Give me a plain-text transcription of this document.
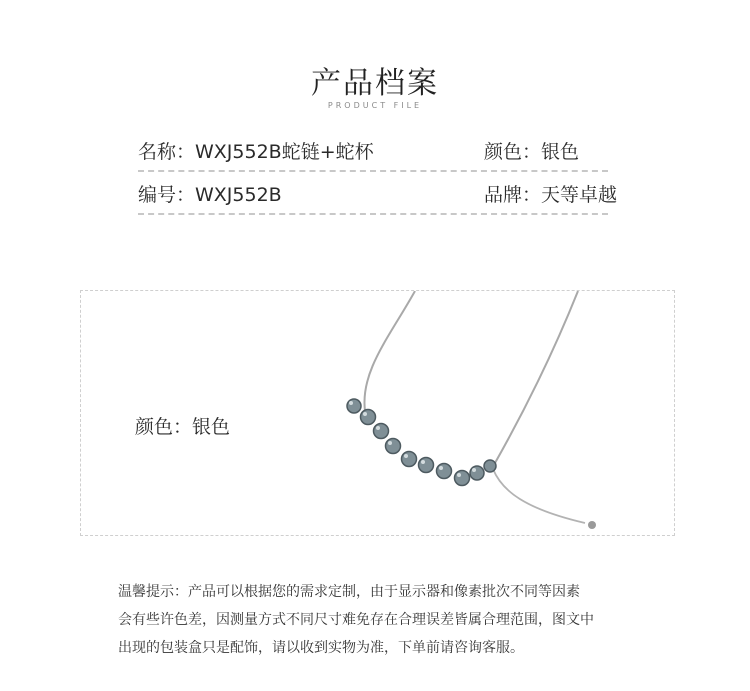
产品档案
PRODUCT FILE
名称：WXJ552B蛇链+蛇杯	颜色：银色
编号：WXJ552B	品牌：天等卓越
颜色：银色
温馨提示：产品可以根据您的需求定制，由于显示器和像素批次不同等因素
会有些许色差，因测量方式不同尺寸难免存在合理误差皆属合理范围，图文中
出现的包装盒只是配饰，请以收到实物为准，下单前请咨询客服。
